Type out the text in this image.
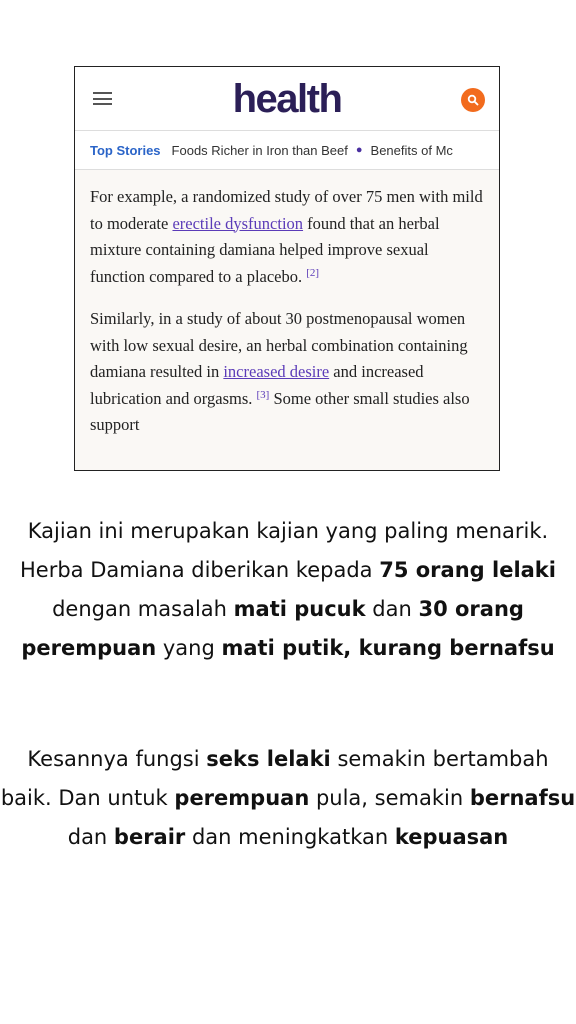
health
Top Stories Foods Richer in Iron than Beef ● Benefits of Mc

For example, a randomized study of over 75 men with mild to moderate erectile dysfunction found that an herbal mixture containing damiana helped improve sexual function compared to a placebo. [2]

Similarly, in a study of about 30 postmenopausal women with low sexual desire, an herbal combination containing damiana resulted in increased desire and increased lubrication and orgasms. [3] Some other small studies also support

Kajian ini merupakan kajian yang paling menarik. Herba Damiana diberikan kepada 75 orang lelaki dengan masalah mati pucuk dan 30 orang perempuan yang mati putik, kurang bernafsu
Kesannya fungsi seks lelaki semakin bertambah baik. Dan untuk perempuan pula, semakin bernafsu dan berair dan meningkatkan kepuasan
